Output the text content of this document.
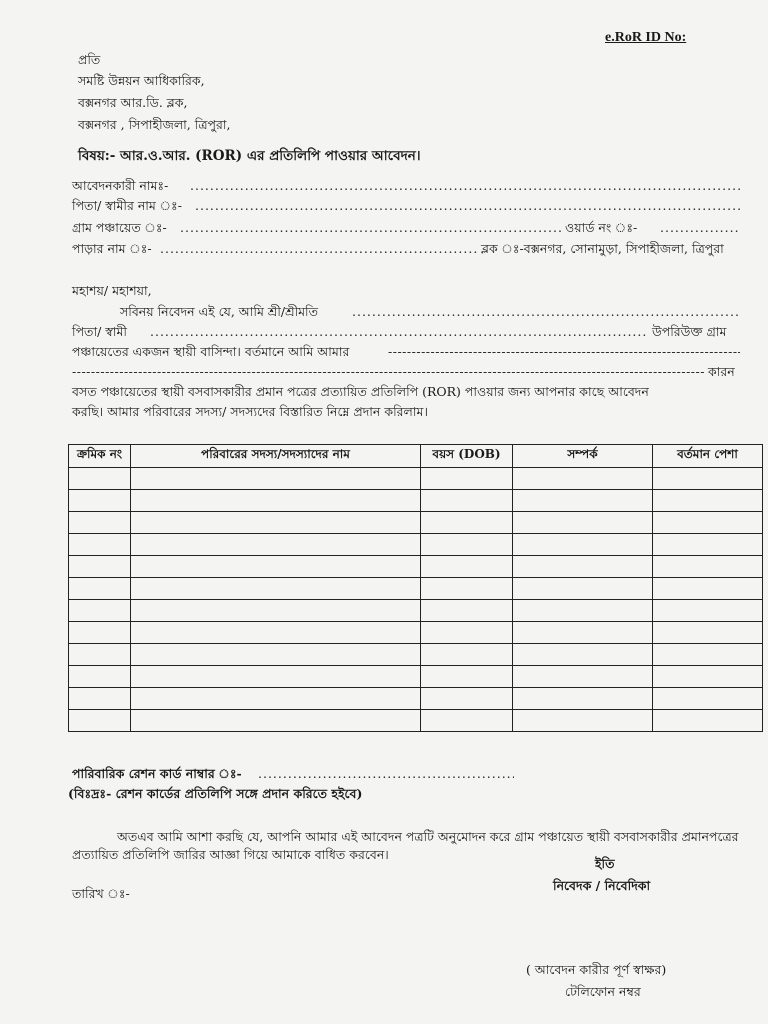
e.RoR ID No:
প্রতি
সমষ্টি উন্নয়ন আধিকারিক,
বক্সনগর আর.ডি. ব্লক,
বক্সনগর , সিপাহীজলা, ত্রিপুরা,
বিষয়:- আর.ও.আর. (ROR) এর প্রতিলিপি পাওয়ার আবেদন।
আবেদনকারী নামঃ-
.....
পিতা/ স্বামীর নাম ঃ-
.....
গ্রাম পঞ্চায়েত ঃ- .....	ওয়ার্ড নং ঃ-
.....
পাড়ার নাম ঃ- .....	ব্লক ঃ-বক্সনগর, সোনামুড়া, সিপাহীজলা, ত্রিপুরা
মহাশয়/ মহাশয়া,
সবিনয় নিবেদন এই যে, আমি শ্রী/শ্রীমতি
.....
পিতা/ স্বামী .....	উপরিউক্ত গ্রাম
পঞ্চায়েতের একজন স্থায়ী বাসিন্দা। বর্তমানে আমি আমার
-----
-----
কারন
বসত পঞ্চায়েতের স্থায়ী বসবাসকারীর প্রমান পত্রের প্রত্যায়িত প্রতিলিপি (ROR) পাওয়ার জন্য আপনার কাছে আবেদন
করছি। আমার পরিবারের সদস্য/ সদস্যদের বিস্তারিত নিম্নে প্রদান করিলাম।
ক্রমিক নং	পরিবারের সদস্য/সদস্যাদের নাম	বয়স (DOB)	সম্পর্ক	বর্তমান পেশা

পারিবারিক রেশন কার্ড নাম্বার ঃ-
.....
(বিঃদ্রঃ- রেশন কার্ডের প্রতিলিপি সঙ্গে প্রদান করিতে হইবে)
অতএব আমি আশা করছি যে, আপনি আমার এই আবেদন পত্রটি অনুমোদন করে গ্রাম পঞ্চায়েত স্থায়ী বসবাসকারীর প্রমানপত্রের প্রত্যায়িত প্রতিলিপি জারির আজ্ঞা গিয়ে আমাকে বাধিত করবেন।
ইতি
নিবেদক / নিবেদিকা
তারিখ ঃ-
( আবেদন কারীর পূর্ণ স্বাক্ষর)
টেলিফোন নম্বর
